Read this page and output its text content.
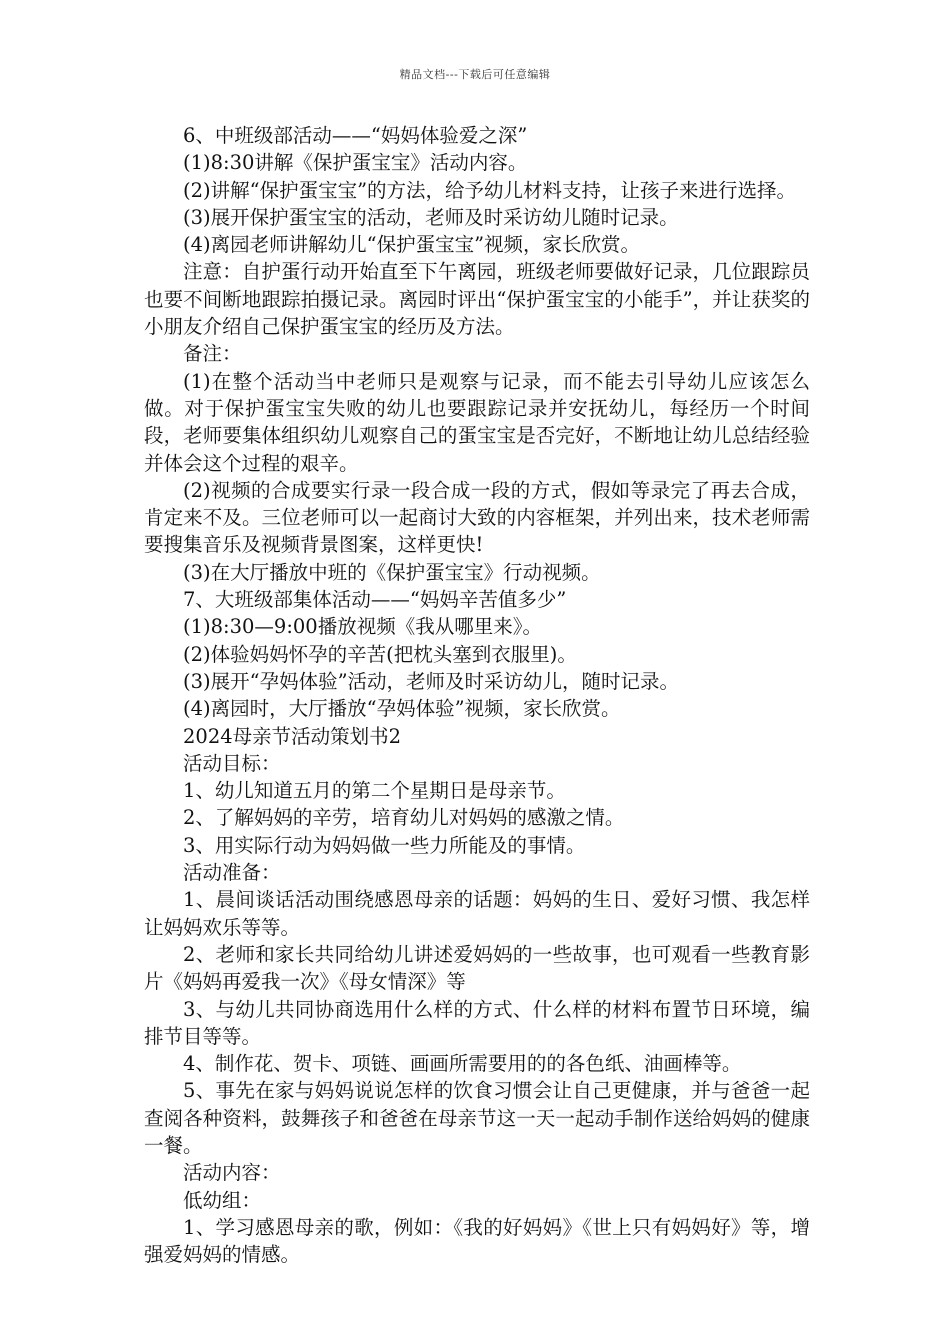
精品文档---下载后可任意编辑

6、中班级部活动——“妈妈体验爱之深”

(1)8:30讲解《保护蛋宝宝》活动内容。

(2)讲解“保护蛋宝宝”的方法，给予幼儿材料支持，让孩子来进行选择。

(3)展开保护蛋宝宝的活动，老师及时采访幼儿随时记录。

(4)离园老师讲解幼儿“保护蛋宝宝”视频，家长欣赏。

注意：自护蛋行动开始直至下午离园，班级老师要做好记录，几位跟踪员也要不间断地跟踪拍摄记录。离园时评出“保护蛋宝宝的小能手”，并让获奖的小朋友介绍自己保护蛋宝宝的经历及方法。

备注：

(1)在整个活动当中老师只是观察与记录，而不能去引导幼儿应该怎么做。对于保护蛋宝宝失败的幼儿也要跟踪记录并安抚幼儿，每经历一个时间段，老师要集体组织幼儿观察自己的蛋宝宝是否完好，不断地让幼儿总结经验并体会这个过程的艰辛。

(2)视频的合成要实行录一段合成一段的方式，假如等录完了再去合成，肯定来不及。三位老师可以一起商讨大致的内容框架，并列出来，技术老师需要搜集音乐及视频背景图案，这样更快!

(3)在大厅播放中班的《保护蛋宝宝》行动视频。

7、大班级部集体活动——“妈妈辛苦值多少”

(1)8:30—9:00播放视频《我从哪里来》。

(2)体验妈妈怀孕的辛苦(把枕头塞到衣服里)。

(3)展开“孕妈体验”活动，老师及时采访幼儿，随时记录。

(4)离园时，大厅播放“孕妈体验”视频，家长欣赏。

2024母亲节活动策划书2

活动目标：

1、幼儿知道五月的第二个星期日是母亲节。

2、了解妈妈的辛劳，培育幼儿对妈妈的感激之情。

3、用实际行动为妈妈做一些力所能及的事情。

活动准备：

1、晨间谈话活动围绕感恩母亲的话题：妈妈的生日、爱好习惯、我怎样让妈妈欢乐等等。

2、老师和家长共同给幼儿讲述爱妈妈的一些故事，也可观看一些教育影片《妈妈再爱我一次》《母女情深》等

3、与幼儿共同协商选用什么样的方式、什么样的材料布置节日环境，编排节目等等。

4、制作花、贺卡、项链、画画所需要用的的各色纸、油画棒等。

5、事先在家与妈妈说说怎样的饮食习惯会让自己更健康，并与爸爸一起查阅各种资料，鼓舞孩子和爸爸在母亲节这一天一起动手制作送给妈妈的健康一餐。

活动内容：

低幼组：

1、学习感恩母亲的歌，例如：《我的好妈妈》《世上只有妈妈好》等，增强爱妈妈的情感。
